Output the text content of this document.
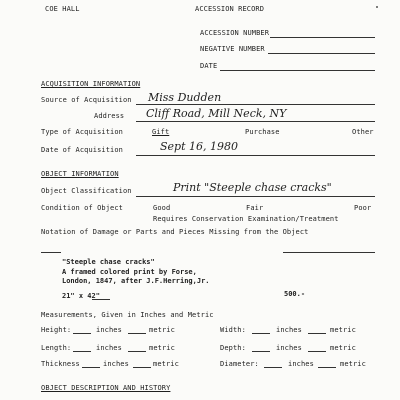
COE HALL	ACCESSION RECORD
ACCESSION NUMBER
NEGATIVE NUMBER
DATE
ACQUISITION INFORMATION
Source of Acquisition Miss Dudden
Address Cliff Road, Mill Neck, NY
Type of Acquisition	Gift	Purchase	Other
Date of Acquisition	Sept 16, 1980
OBJECT INFORMATION
Object Classification	Print "Steeple chase cracks"
Condition of Object	Good	Fair	Poor
Requires Conservation Examination/Treatment
Notation of Damage or Parts and Pieces Missing from the Object
"Steeple chase cracks"
A framed colored print by Forse,
London, 1847, after J.F.Herring,Jr.
21" x 42"	500.-
Measurements, Given in Inches and Metric
Height:	inches	metric	Width:	inches	metric
Length:	inches	metric	Depth:	inches	metric
Thickness	inches	metric	Diameter:	inches	metric
OBJECT DESCRIPTION AND HISTORY
